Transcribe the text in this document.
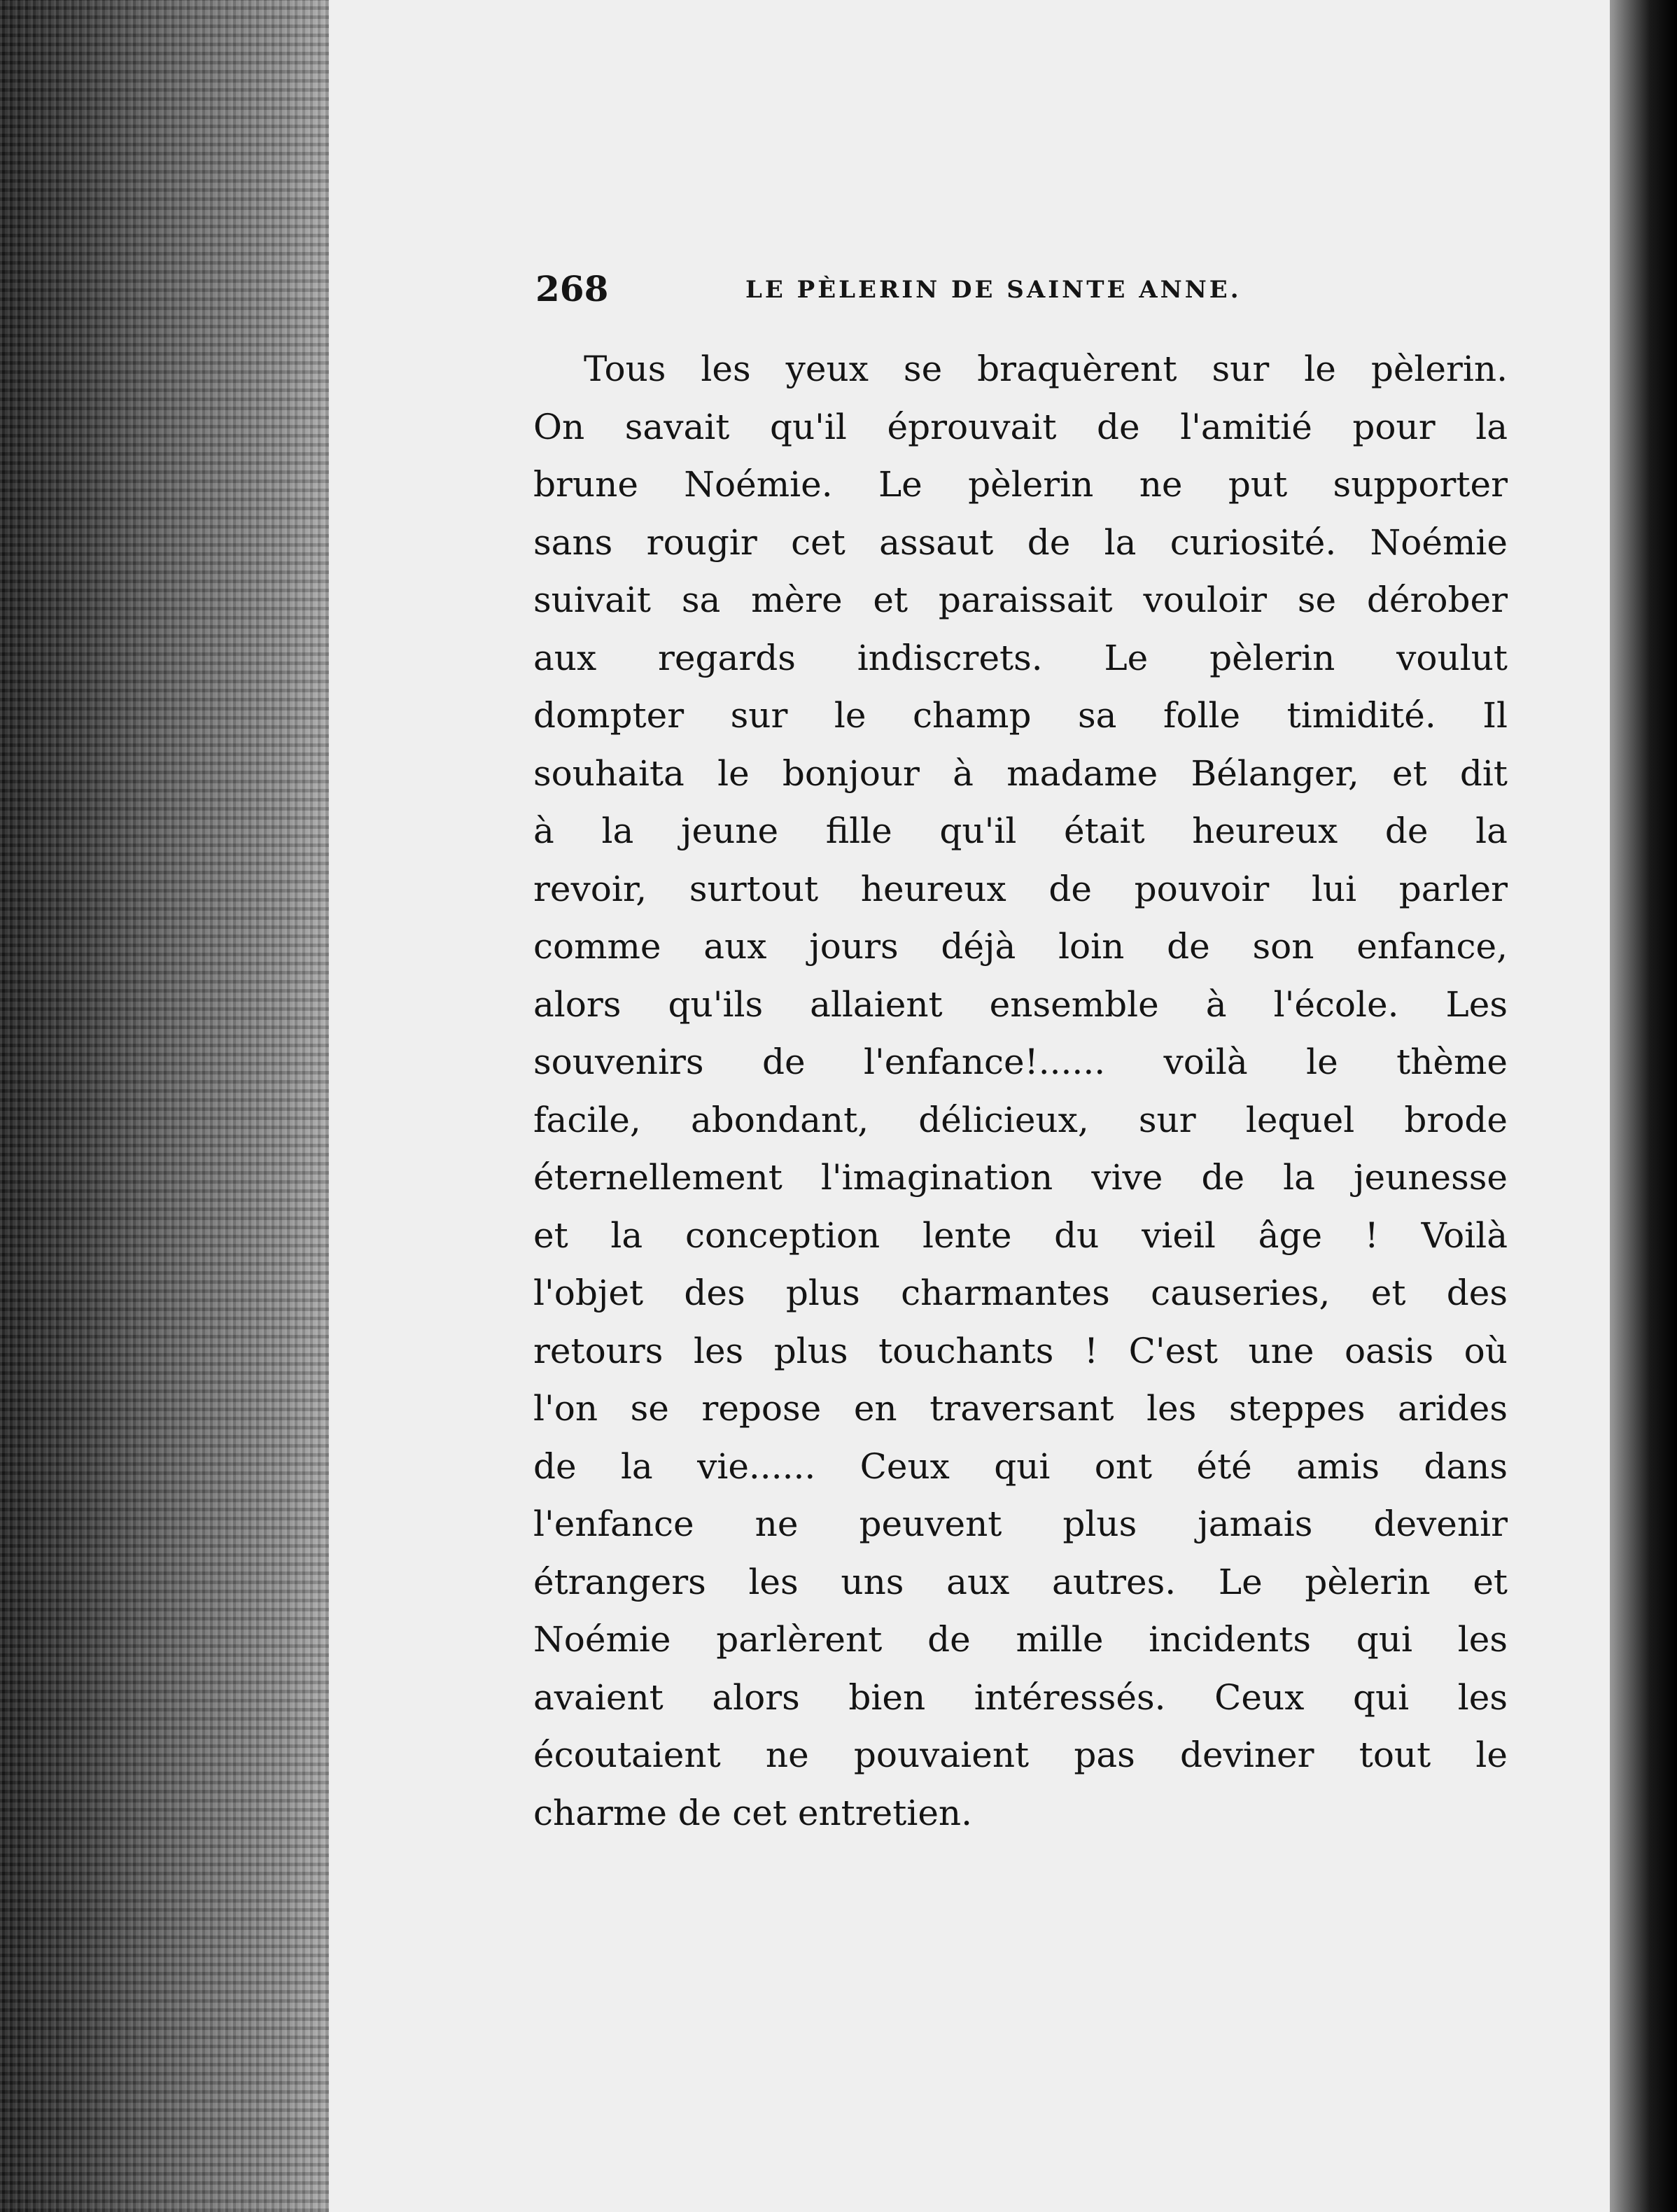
268	LE PÈLERIN DE SAINTE ANNE.
Tous les yeux se braquèrent sur le pèlerin.
On savait qu'il éprouvait de l'amitié pour la
brune Noémie. Le pèlerin ne put supporter
sans rougir cet assaut de la curiosité. Noémie
suivait sa mère et paraissait vouloir se dérober
aux regards indiscrets. Le pèlerin voulut
dompter sur le champ sa folle timidité. Il
souhaita le bonjour à madame Bélanger, et dit
à la jeune fille qu'il était heureux de la
revoir, surtout heureux de pouvoir lui parler
comme aux jours déjà loin de son enfance,
alors qu'ils allaient ensemble à l'école. Les
souvenirs de l'enfance!...... voilà le thème
facile, abondant, délicieux, sur lequel brode
éternellement l'imagination vive de la jeunesse
et la conception lente du vieil âge ! Voilà
l'objet des plus charmantes causeries, et des
retours les plus touchants ! C'est une oasis où
l'on se repose en traversant les steppes arides
de la vie...... Ceux qui ont été amis dans
l'enfance ne peuvent plus jamais devenir
étrangers les uns aux autres. Le pèlerin et
Noémie parlèrent de mille incidents qui les
avaient alors bien intéressés. Ceux qui les
écoutaient ne pouvaient pas deviner tout le
charme de cet entretien.
